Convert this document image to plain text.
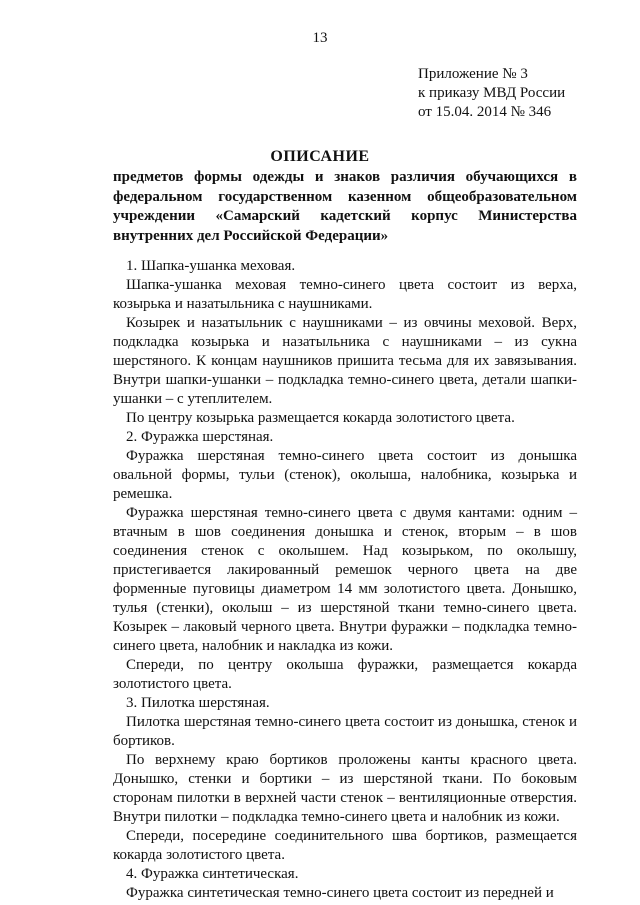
13
Приложение № 3
к приказу МВД России
от 15.04. 2014 № 346
ОПИСАНИЕ
предметов формы одежды и знаков различия обучающихся в федеральном государственном казенном общеобразовательном учреждении «Самарский кадетский корпус Министерства внутренних дел Российской Федерации»

1. Шапка-ушанка меховая.

Шапка-ушанка меховая темно-синего цвета состоит из верха, козырька и назатыльника с наушниками.

Козырек и назатыльник с наушниками – из овчины меховой. Верх, подкладка козырька и назатыльника с наушниками – из сукна шерстяного. К концам наушников пришита тесьма для их завязывания. Внутри шапки-ушанки – подкладка темно-синего цвета, детали шапки-ушанки – с утеплителем.

По центру козырька размещается кокарда золотистого цвета.

2. Фуражка шерстяная.

Фуражка шерстяная темно-синего цвета состоит из донышка овальной формы, тульи (стенок), околыша, налобника, козырька и ремешка.

Фуражка шерстяная темно-синего цвета с двумя кантами: одним – втачным в шов соединения донышка и стенок, вторым – в шов соединения стенок с околышем. Над козырьком, по околышу, пристегивается лакированный ремешок черного цвета на две форменные пуговицы диаметром 14 мм золотистого цвета. Донышко, тулья (стенки), околыш – из шерстяной ткани темно-синего цвета. Козырек – лаковый черного цвета. Внутри фуражки – подкладка темно-синего цвета, налобник и накладка из кожи.

Спереди, по центру околыша фуражки, размещается кокарда золотистого цвета.

3. Пилотка шерстяная.

Пилотка шерстяная темно-синего цвета состоит из донышка, стенок и бортиков.

По верхнему краю бортиков проложены канты красного цвета. Донышко, стенки и бортики – из шерстяной ткани. По боковым сторонам пилотки в верхней части стенок – вентиляционные отверстия. Внутри пилотки – подкладка темно-синего цвета и налобник из кожи.

Спереди, посередине соединительного шва бортиков, размещается кокарда золотистого цвета.

4. Фуражка синтетическая.

Фуражка синтетическая темно-синего цвета состоит из передней и
